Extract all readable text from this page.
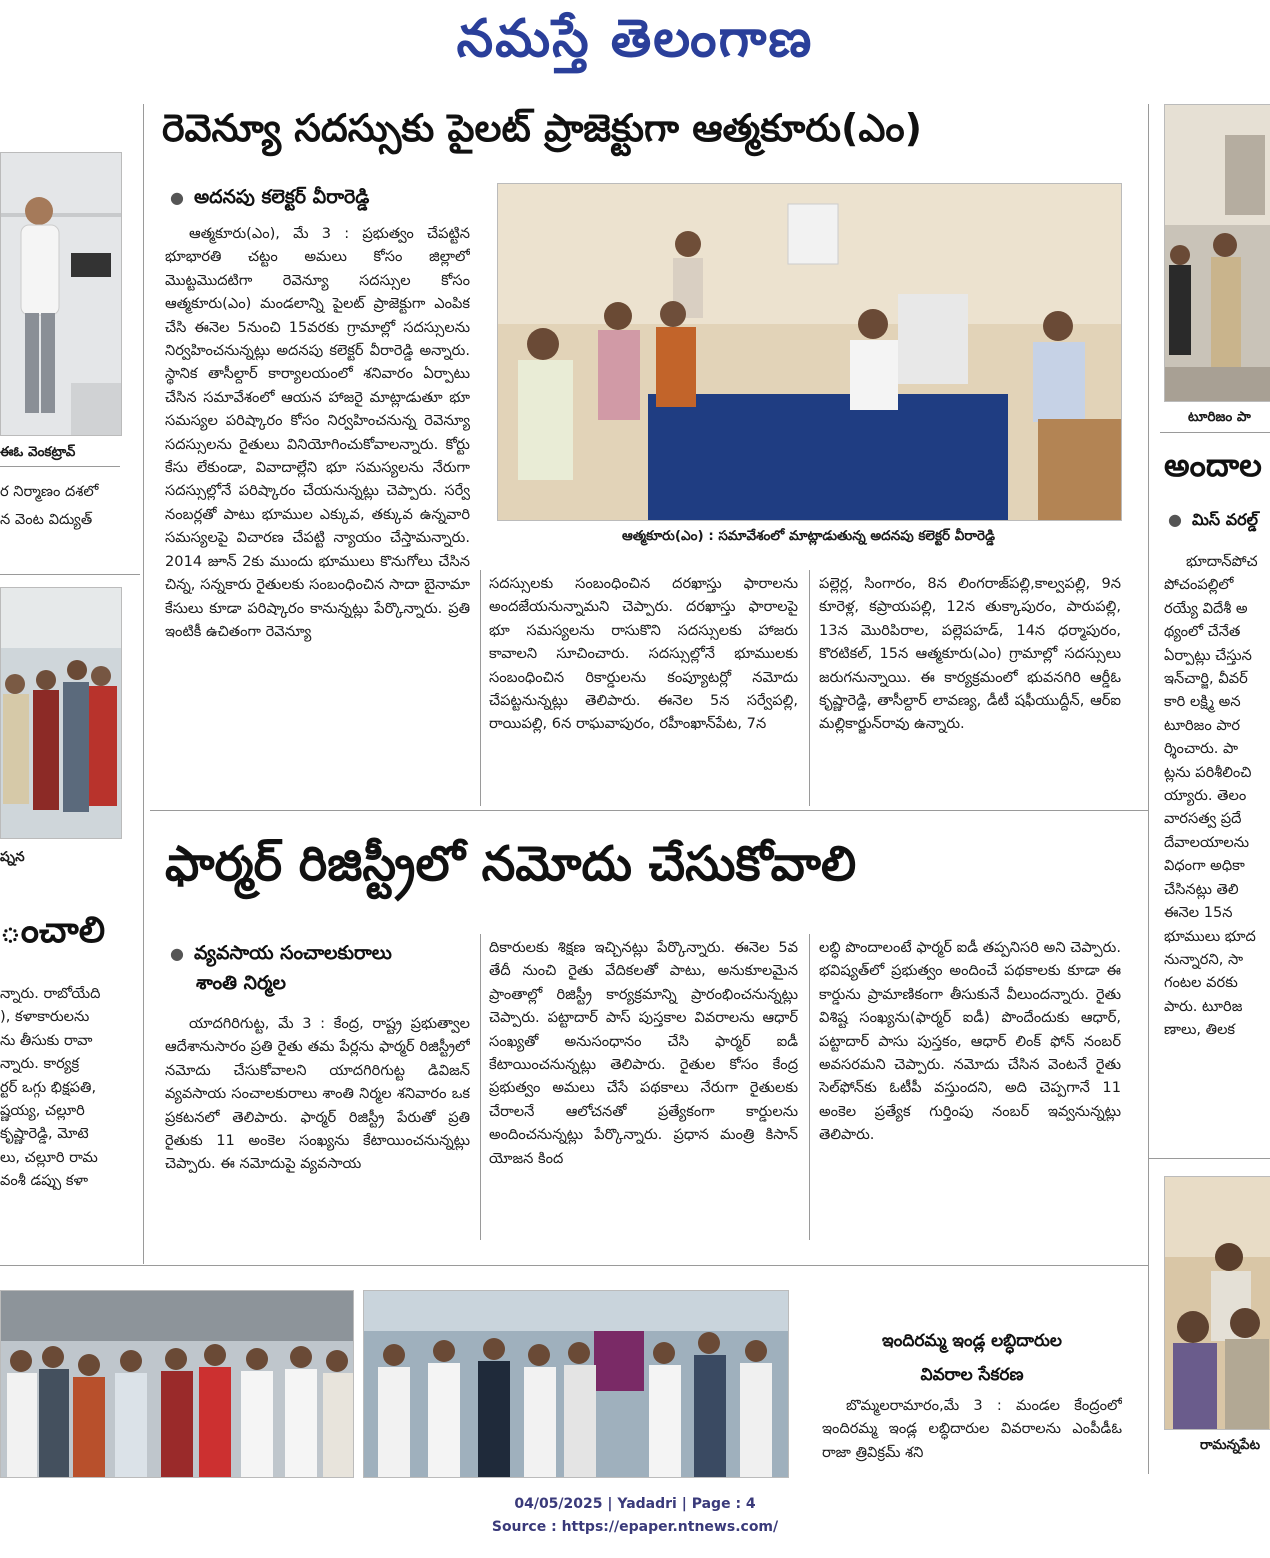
నమస్తే తెలంగాణ
ఈఓ వెంకట్రావ్
ర నిర్మాణం దశలో
న వెంట విద్యుత్
ష్నన
ంచాలి
న్నారు. రాబోయేది
), కళాకారులను
ను తీసుకు రావా
న్నారు. కార్యక్ర
ర్టర్ ఒగ్గు భిక్షపతి,
ష్ణయ్య, చల్లూరి
కృష్ణారెడ్డి, మోటె
లు, చల్లూరి రామ
వంశీ డప్పు కళా
రెవెన్యూ సదస్సుకు పైలట్ ప్రాజెక్టుగా ఆత్మకూరు(ఎం)
● అదనపు కలెక్టర్ వీరారెడ్డి

ఆత్మకూరు(ఎం), మే 3 : ప్రభుత్వం చేపట్టిన భూభారతి చట్టం అమలు కోసం జిల్లాలో మొట్టమొదటిగా రెవెన్యూ సదస్సుల కోసం ఆత్మకూరు(ఎం) మండలాన్ని పైలట్ ప్రాజెక్టుగా ఎంపిక చేసి ఈనెల 5నుంచి 15వరకు గ్రామాల్లో సదస్సులను నిర్వహించనున్నట్లు అదనపు కలెక్టర్ వీరారెడ్డి అన్నారు. స్థానిక తాసీల్దార్ కార్యాలయంలో శనివారం ఏర్పాటు చేసిన సమావేశంలో ఆయన హాజరై మాట్లాడుతూ భూ సమస్యల పరిష్కారం కోసం నిర్వహించనున్న రెవెన్యూ సదస్సులను రైతులు వినియోగించుకోవాలన్నారు. కోర్టు కేసు లేకుండా, వివాదాల్లేని భూ సమస్యలను నేరుగా సదస్సుల్లోనే పరిష్కారం చేయనున్నట్లు చెప్పారు. సర్వే నంబర్లతో పాటు భూముల ఎక్కువ, తక్కువ ఉన్నవారి సమస్యలపై విచారణ చేపట్టి న్యాయం చేస్తామన్నారు. 2014 జూన్ 2కు ముందు భూములు కొనుగోలు చేసిన చిన్న, సన్నకారు రైతులకు సంబంధించిన సాదా బైనామా కేసులు కూడా పరిష్కారం కానున్నట్లు పేర్కొన్నారు. ప్రతి ఇంటికీ ఉచితంగా రెవెన్యూ

ఆత్మకూరు(ఎం) : సమావేశంలో మాట్లాడుతున్న అదనపు కలెక్టర్ వీరారెడ్డి

సదస్సులకు సంబంధించిన దరఖాస్తు ఫారాలను అందజేయనున్నామని చెప్పారు. దరఖాస్తు ఫారాలపై భూ సమస్యలను రాసుకొని సదస్సులకు హాజరు కావాలని సూచించారు. సదస్సుల్లోనే భూములకు సంబంధించిన రికార్డులను కంప్యూటర్లో నమోదు చేపట్టనున్నట్లు తెలిపారు. ఈనెల 5న సర్వేపల్లి, రాయిపల్లి, 6న రాఘవాపురం, రహీంఖాన్‌పేట, 7న

పల్లెర్ల, సింగారం, 8న లింగరాజ్‌పల్లి,కాల్వపల్లి, 9న కూరెళ్ల, కప్రాయపల్లి, 12న తుక్కాపురం, పారుపల్లి, 13న మొరిపిరాల, పల్లెపహడ్, 14న ధర్మాపురం, కొరటికల్, 15న ఆత్మకూరు(ఎం) గ్రామాల్లో సదస్సులు జరుగనున్నాయి. ఈ కార్యక్రమంలో భువనగిరి ఆర్డీఓ కృష్ణారెడ్డి, తాసీల్దార్ లావణ్య, డీటీ షఫీయుద్దీన్, ఆర్ఐ మల్లికార్జున్‌రావు ఉన్నారు.

ఫార్మర్ రిజిస్ట్రీలో నమోదు చేసుకోవాలి
● వ్యవసాయ సంచాలకురాలు
శాంతి నిర్మల

యాదగిరిగుట్ట, మే 3 : కేంద్ర, రాష్ట్ర ప్రభుత్వాల ఆదేశానుసారం ప్రతి రైతు తమ పేర్లను ఫార్మర్ రిజిస్ట్రీలో నమోదు చేసుకోవాలని యాదగిరిగుట్ట డివిజన్ వ్యవసాయ సంచాలకురాలు శాంతి నిర్మల శనివారం ఒక ప్రకటనలో తెలిపారు. ఫార్మర్ రిజిస్ట్రీ పేరుతో ప్రతి రైతుకు 11 అంకెల సంఖ్యను కేటాయించనున్నట్లు చెప్పారు. ఈ నమోదుపై వ్యవసాయ

దికారులకు శిక్షణ ఇచ్చినట్లు పేర్కొన్నారు. ఈనెల 5వ తేదీ నుంచి రైతు వేదికలతో పాటు, అనుకూలమైన ప్రాంతాల్లో రిజిస్ట్రీ కార్యక్రమాన్ని ప్రారంభించనున్నట్లు చెప్పారు. పట్టాదార్ పాస్ పుస్తకాల వివరాలను ఆధార్ సంఖ్యతో అనుసంధానం చేసి ఫార్మర్ ఐడీ కేటాయించనున్నట్లు తెలిపారు. రైతుల కోసం కేంద్ర ప్రభుత్వం అమలు చేసే పథకాలు నేరుగా రైతులకు చేరాలనే ఆలోచనతో ప్రత్యేకంగా కార్డులను అందించనున్నట్లు పేర్కొన్నారు. ప్రధాన మంత్రి కిసాన్ యోజన కింద

లబ్ధి పొందాలంటే ఫార్మర్ ఐడీ తప్పనిసరి అని చెప్పారు. భవిష్యత్‌లో ప్రభుత్వం అందించే పథకాలకు కూడా ఈ కార్డును ప్రామాణికంగా తీసుకునే వీలుందన్నారు. రైతు విశిష్ట సంఖ్యను(ఫార్మర్ ఐడీ) పొందేందుకు ఆధార్, పట్టాదార్ పాసు పుస్తకం, ఆధార్ లింక్ ఫోన్ నంబర్ అవసరమని చెప్పారు. నమోదు చేసిన వెంటనే రైతు సెల్‌ఫోన్‌కు ఓటీపీ వస్తుందని, అది చెప్పగానే 11 అంకెల ప్రత్యేక గుర్తింపు నంబర్ ఇవ్వనున్నట్లు తెలిపారు.

ఇందిరమ్మ ఇండ్ల లబ్ధిదారుల
వివరాల సేకరణ

బొమ్మలరామారం,మే 3 : మండల కేంద్రంలో ఇందిరమ్మ ఇండ్ల లబ్ధిదారుల వివరాలను ఎంపీడీఓ రాజా త్రివిక్రమ్ శని

టూరిజం పా
అందాల
● మిస్ వరల్డ్
భూదాన్‌పోచ
పోచంపల్లిలో
రయ్యే విదేశీ అ
థ్యంలో చేనేత
ఏర్పాట్లు చేస్తున
ఇన్‌చార్జి, వీవర్
కారి లక్ష్మి అన
టూరిజం పార
ర్శించారు. పా
ట్లను పరిశీలించి
య్యారు. తెలం
వారసత్వ ప్రదే
దేవాలయాలను
విధంగా అధికా
చేసినట్లు తెలి
ఈనెల 15న
భూములు భూద
నున్నారని, సా
గంటల వరకు
పారు. టూరిజ
ణాలు, తిలక
రామన్నపేట
04/05/2025 | Yadadri | Page : 4
Source : https://epaper.ntnews.com/
